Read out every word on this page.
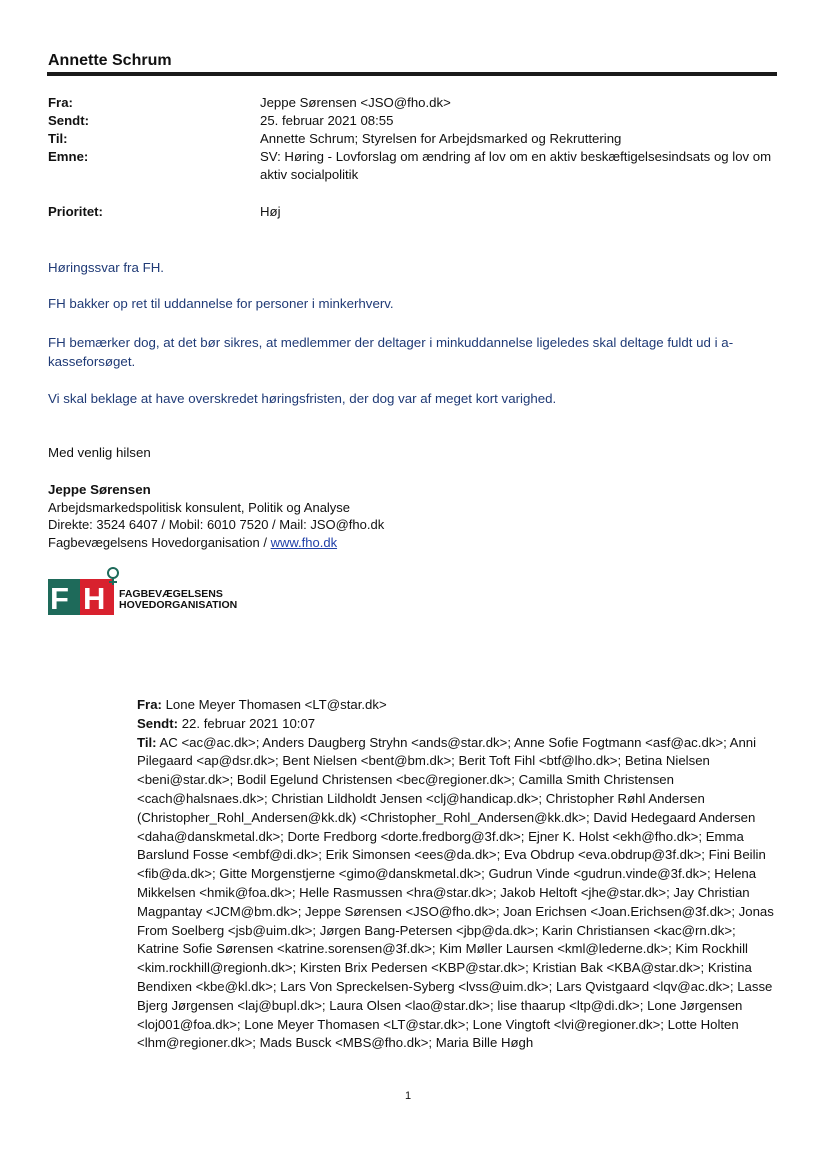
Annette Schrum
Fra:	Jeppe Sørensen <JSO@fho.dk>
Sendt:	25. februar 2021 08:55
Til:	Annette Schrum; Styrelsen for Arbejdsmarked og Rekruttering
Emne:	SV: Høring - Lovforslag om ændring af lov om en aktiv beskæftigelsesindsats og lov om aktiv socialpolitik
Prioritet:	Høj
Høringssvar fra FH.
FH bakker op ret til uddannelse for personer i minkerhverv.
FH bemærker dog, at det bør sikres, at medlemmer der deltager i minkuddannelse ligeledes skal deltage fuldt ud i a-kasseforsøget.
Vi skal beklage at have overskredet høringsfristen, der dog var af meget kort varighed.
Med venlig hilsen
Jeppe Sørensen
Arbejdsmarkedspolitisk konsulent, Politik og Analyse
Direkte: 3524 6407 / Mobil: 6010 7520 / Mail: JSO@fho.dk
Fagbevægelsens Hovedorganisation / www.fho.dk
F H FAGBEVÆGELSENS
HOVEDORGANISATION
Fra: Lone Meyer Thomasen <LT@star.dk>
Sendt: 22. februar 2021 10:07
Til: AC <ac@ac.dk>; Anders Daugberg Stryhn <ands@star.dk>; Anne Sofie Fogtmann <asf@ac.dk>; Anni Pilegaard <ap@dsr.dk>; Bent Nielsen <bent@bm.dk>; Berit Toft Fihl <btf@lho.dk>; Betina Nielsen <beni@star.dk>; Bodil Egelund Christensen <bec@regioner.dk>; Camilla Smith Christensen <cach@halsnaes.dk>; Christian Lildholdt Jensen <clj@handicap.dk>; Christopher Røhl Andersen (Christopher_Rohl_Andersen@kk.dk) <Christopher_Rohl_Andersen@kk.dk>; David Hedegaard Andersen <daha@danskmetal.dk>; Dorte Fredborg <dorte.fredborg@3f.dk>; Ejner K. Holst <ekh@fho.dk>; Emma Barslund Fosse <embf@di.dk>; Erik Simonsen <ees@da.dk>; Eva Obdrup <eva.obdrup@3f.dk>; Fini Beilin <fib@da.dk>; Gitte Morgenstjerne <gimo@danskmetal.dk>; Gudrun Vinde <gudrun.vinde@3f.dk>; Helena Mikkelsen <hmik@foa.dk>; Helle Rasmussen <hra@star.dk>; Jakob Heltoft <jhe@star.dk>; Jay Christian Magpantay <JCM@bm.dk>; Jeppe Sørensen <JSO@fho.dk>; Joan Erichsen <Joan.Erichsen@3f.dk>; Jonas From Soelberg <jsb@uim.dk>; Jørgen Bang-Petersen <jbp@da.dk>; Karin Christiansen <kac@rn.dk>; Katrine Sofie Sørensen <katrine.sorensen@3f.dk>; Kim Møller Laursen <kml@lederne.dk>; Kim Rockhill <kim.rockhill@regionh.dk>; Kirsten Brix Pedersen <KBP@star.dk>; Kristian Bak <KBA@star.dk>; Kristina Bendixen <kbe@kl.dk>; Lars Von Spreckelsen-Syberg <lvss@uim.dk>; Lars Qvistgaard <lqv@ac.dk>; Lasse Bjerg Jørgensen <laj@bupl.dk>; Laura Olsen <lao@star.dk>; lise thaarup <ltp@di.dk>; Lone Jørgensen <loj001@foa.dk>; Lone Meyer Thomasen <LT@star.dk>; Lone Vingtoft <lvi@regioner.dk>; Lotte Holten <lhm@regioner.dk>; Mads Busck <MBS@fho.dk>; Maria Bille Høgh
1
